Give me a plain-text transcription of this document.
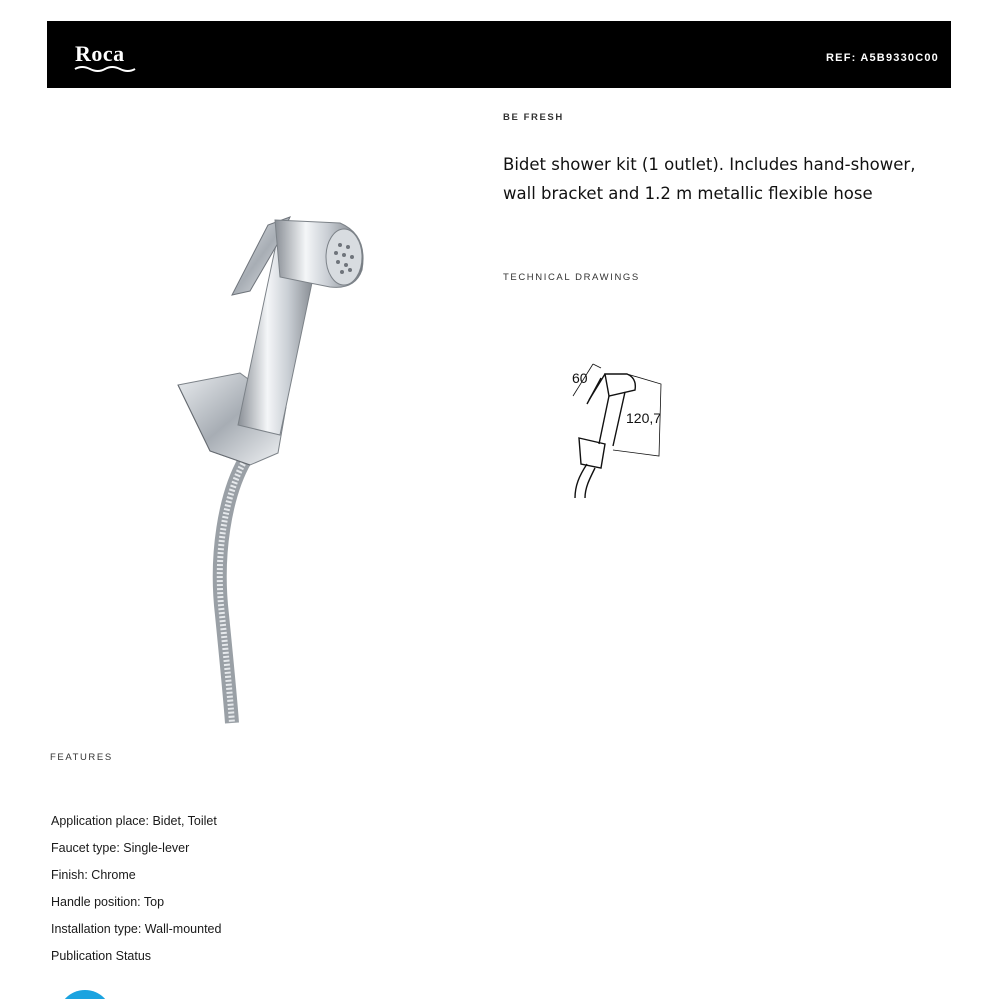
Roca	REF: A5B9330C00
BE FRESH
Bidet shower kit (1 outlet). Includes hand-shower, wall bracket and 1.2 m metallic flexible hose
TECHNICAL DRAWINGS
60
120,7
FEATURES
Application place: Bidet, Toilet
Faucet type: Single-lever
Finish: Chrome
Handle position: Top
Installation type: Wall-mounted
Publication Status
